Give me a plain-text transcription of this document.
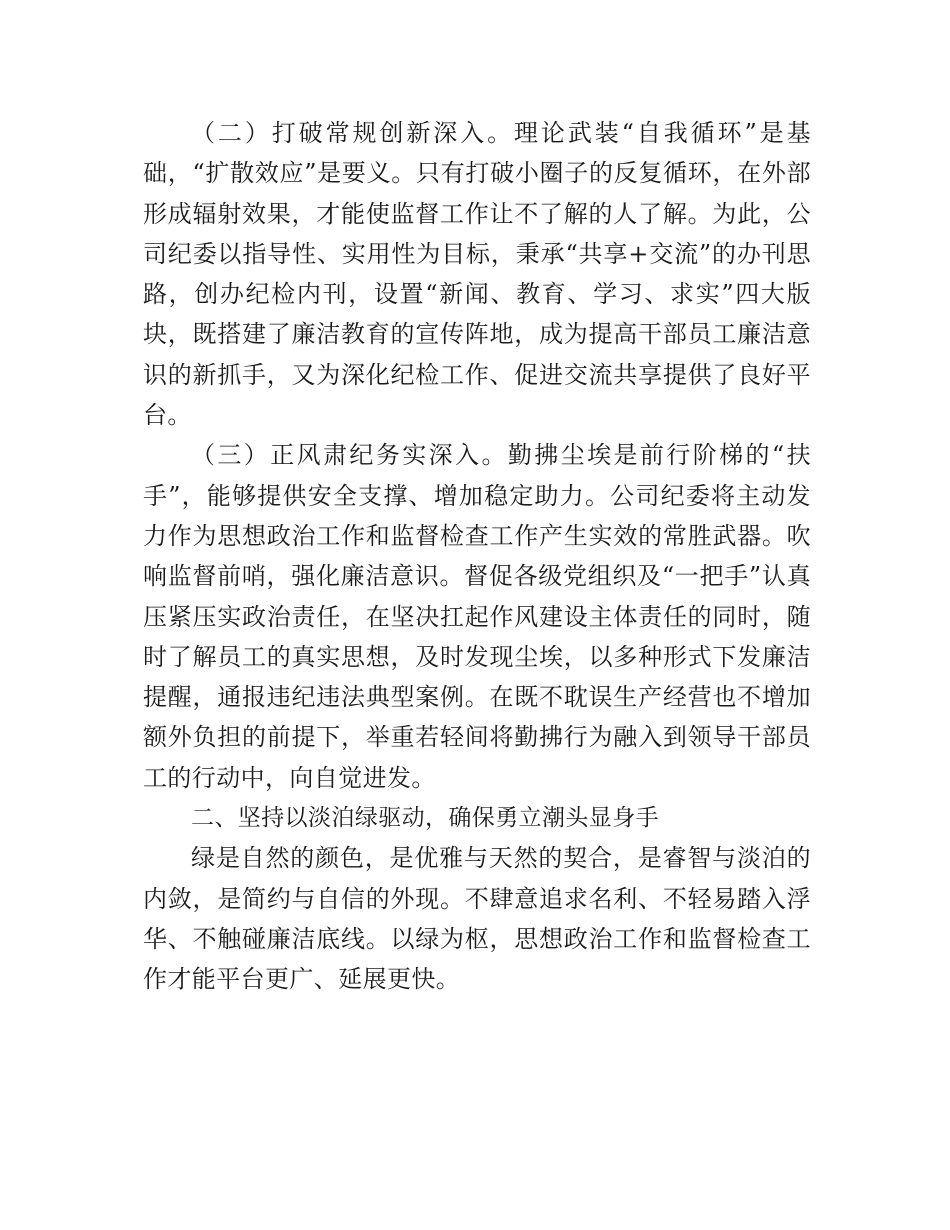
（二）打破常规创新深入。理论武装“自我循环”是基础，“扩散效应”是要义。只有打破小圈子的反复循环，在外部形成辐射效果，才能使监督工作让不了解的人了解。为此，公司纪委以指导性、实用性为目标，秉承“共享+交流”的办刊思路，创办纪检内刊，设置“新闻、教育、学习、求实”四大版块，既搭建了廉洁教育的宣传阵地，成为提高干部员工廉洁意识的新抓手，又为深化纪检工作、促进交流共享提供了良好平台。

（三）正风肃纪务实深入。勤拂尘埃是前行阶梯的“扶手”，能够提供安全支撑、增加稳定助力。公司纪委将主动发力作为思想政治工作和监督检查工作产生实效的常胜武器。吹响监督前哨，强化廉洁意识。督促各级党组织及“一把手”认真压紧压实政治责任，在坚决扛起作风建设主体责任的同时，随时了解员工的真实思想，及时发现尘埃，以多种形式下发廉洁提醒，通报违纪违法典型案例。在既不耽误生产经营也不增加额外负担的前提下，举重若轻间将勤拂行为融入到领导干部员工的行动中，向自觉进发。

二、坚持以淡泊绿驱动，确保勇立潮头显身手

绿是自然的颜色，是优雅与天然的契合，是睿智与淡泊的内敛，是简约与自信的外现。不肆意追求名利、不轻易踏入浮华、不触碰廉洁底线。以绿为枢，思想政治工作和监督检查工作才能平台更广、延展更快。
